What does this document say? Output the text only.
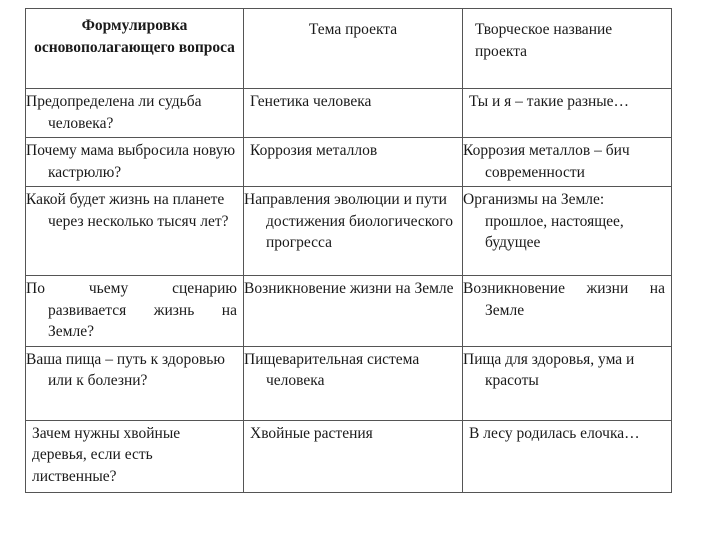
Формулировка основополагающего вопроса	Тема проекта	Творческое название проекта
Предопределена ли судьба человека?	Генетика человека	Ты и я – такие разные…
Почему мама выбросила новую кастрюлю?	Коррозия металлов	Коррозия металлов – бич современности
Какой будет жизнь на планете через несколько тысяч лет?	Направления эволюции и пути достижения биологического прогресса	Организмы на Земле: прошлое, настоящее, будущее
По чьему сценарию развивается жизнь на Земле?	Возникновение жизни на Земле	Возникновение жизни на Земле
Ваша пища – путь к здоровью или к болезни?	Пищеварительная система человека	Пища для здоровья, ума и красоты
Зачем нужны хвойные деревья, если есть лиственные?	Хвойные растения	В лесу родилась елочка…
